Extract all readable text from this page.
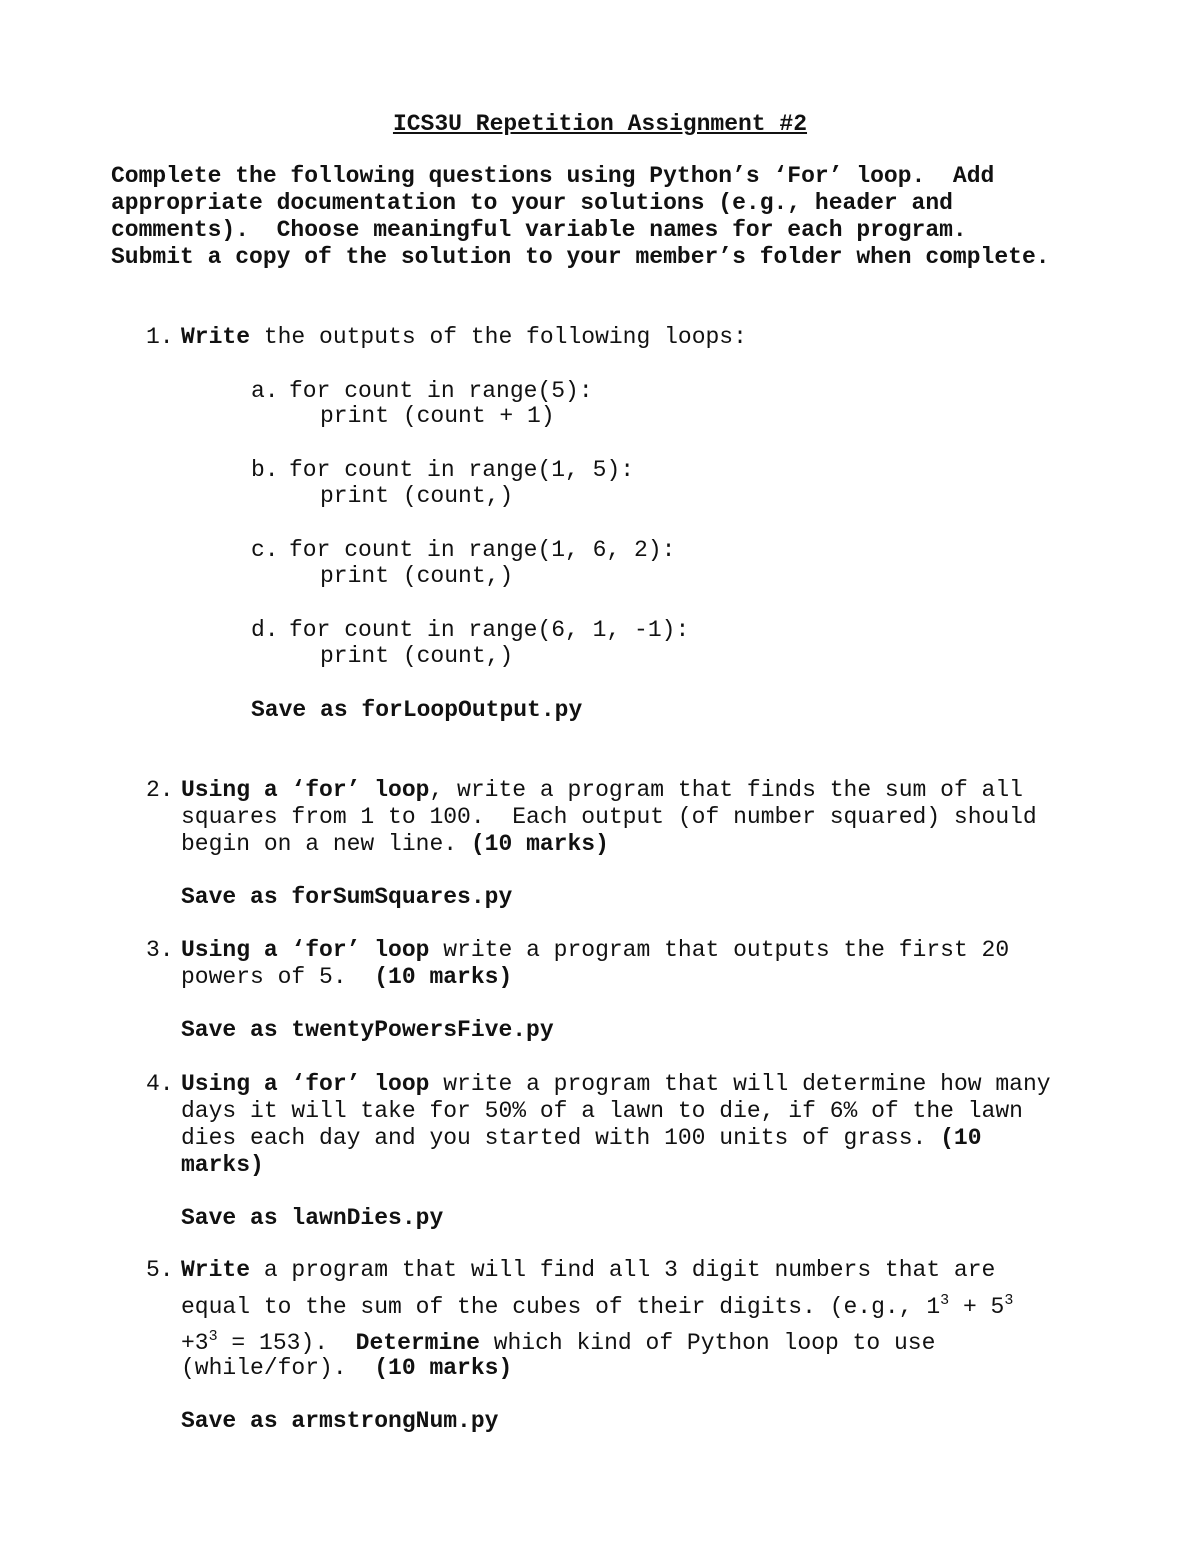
ICS3U Repetition Assignment #2
Complete the following questions using Python’s ‘For’ loop.  Add
appropriate documentation to your solutions (e.g., header and
comments).  Choose meaningful variable names for each program.
Submit a copy of the solution to your member’s folder when complete.
1. Write the outputs of the following loops:
a. for count in range(5):
print (count + 1)
b. for count in range(1, 5):
print (count,)
c. for count in range(1, 6, 2):
print (count,)
d. for count in range(6, 1, -1):
print (count,)
Save as forLoopOutput.py
2. Using a ‘for’ loop, write a program that finds the sum of all
squares from 1 to 100.  Each output (of number squared) should
begin on a new line. (10 marks)
Save as forSumSquares.py
3. Using a ‘for’ loop write a program that outputs the first 20
powers of 5.  (10 marks)
Save as twentyPowersFive.py
4. Using a ‘for’ loop write a program that will determine how many
days it will take for 50% of a lawn to die, if 6% of the lawn
dies each day and you started with 100 units of grass. (10
marks)
Save as lawnDies.py
5. Write a program that will find all 3 digit numbers that are
equal to the sum of the cubes of their digits. (e.g., $1^3 + 5^3$
$+3^3 = 153$).  Determine which kind of Python loop to use
(while/for).  (10 marks)
Save as armstrongNum.py
